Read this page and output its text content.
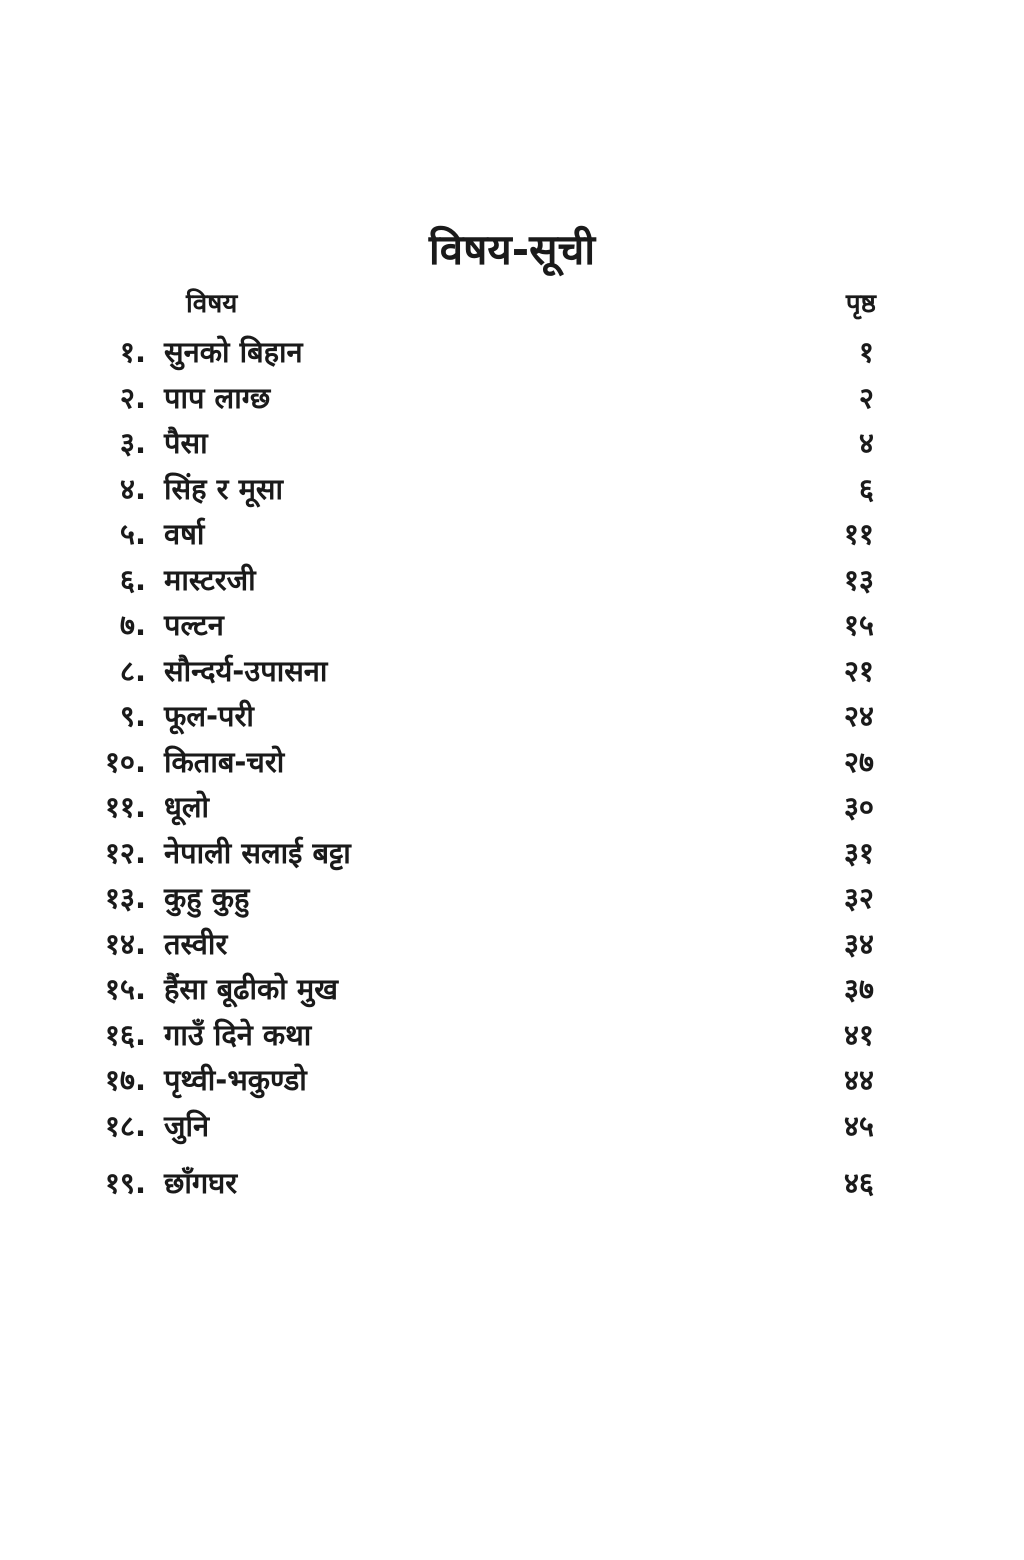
विषय-सूची
विषय	पृष्ठ
१. सुनको बिहान	१
२. पाप लाग्छ	२
३. पैसा	४
४. सिंह र मूसा	६
५. वर्षा	११
६. मास्टरजी	१३
७. पल्टन	१५
८. सौन्दर्य-उपासना	२१
९. फूल-परी	२४
१०. किताब-चरो	२७
११. धूलो	३०
१२. नेपाली सलाई बट्टा	३१
१३. कुहु कुहु	३२
१४. तस्वीर	३४
१५. हैंसा बूढीको मुख	३७
१६. गाउँ दिने कथा	४१
१७. पृथ्वी-भकुण्डो	४४
१८. जुनि	४५
१९. छाँगघर	४६
